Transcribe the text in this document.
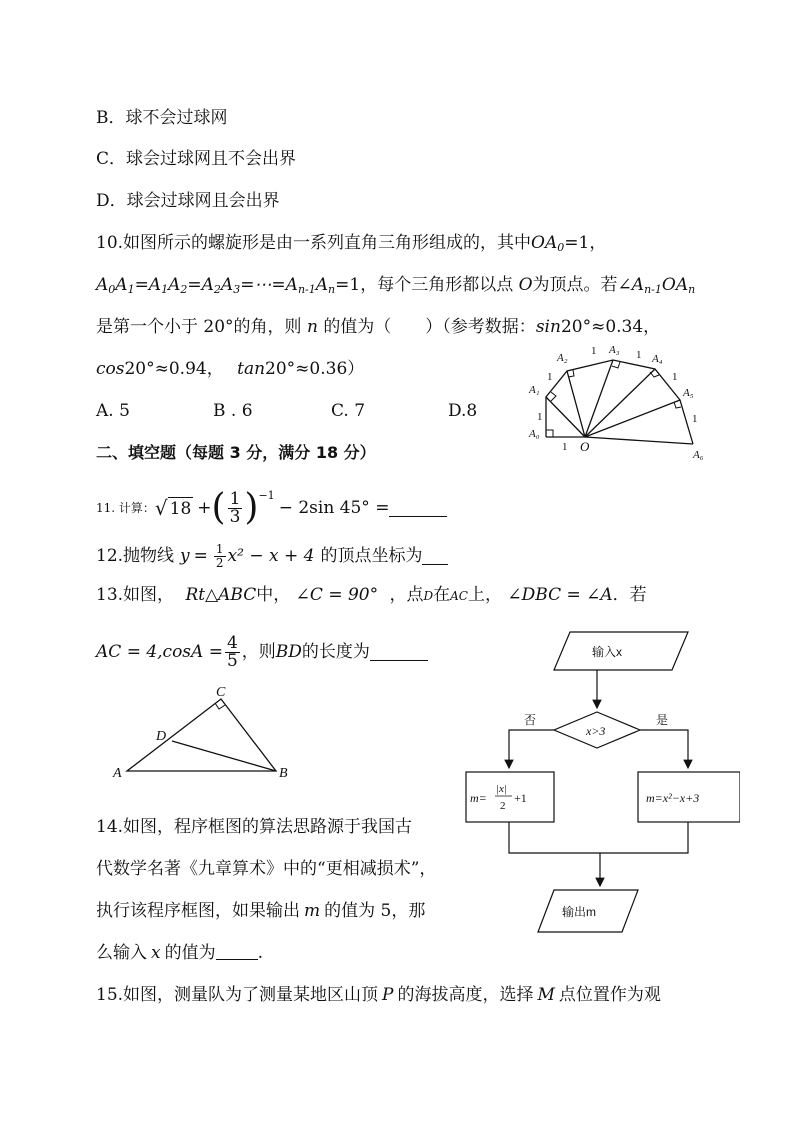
B．球不会过球网
C．球会过球网且不会出界
D．球会过球网且会出界
10.如图所示的螺旋形是由一系列直角三角形组成的，其中$OA_0=1$，
$A_0A_1=A_1A_2=A_2A_3=\cdots=A_{n-1}A_n=1$，每个三角形都以点 O为顶点。若$\angle A_{n-1}OA_n$
是第一个小于 20°的角，则 n 的值为（　　）（参考数据：sin20°≈0.34，
cos20°≈0.94， tan20°≈0.36）
A. 5	B . 6	C. 7	D.8
A₀
A₁
A₂
A₃
A₄
A₅
A₆
O
1
1
1
1	1
1
1
二、填空题（每题 3 分，满分 18 分）
11. 计算： √ 18 + ( $\frac{1}{3}$ ) −1
− 2sin 45° =
12.抛物线 $y = \frac{1}{2} x^2 - x + 4$ 的顶点坐标为
13.如图， Rt△ABC中， ∠C = 90° ，点D在AC上， ∠DBC = ∠A．若
AC = $4,\cos A = \frac{4}{5}$ ，则 BD 的长度为
A	B
C
D
14.如图，程序框图的算法思路源于我国古
代数学名著《九章算术》中的“更相减损术”，
执行该程序框图，如果输出 m 的值为 5，那
么输入 x 的值为 .
输入x
x>3
否	是
m=
|x|
2
+1	m=x²−x+3
输出m
15.如图，测量队为了测量某地区山顶 P 的海拔高度，选择 M 点位置作为观
